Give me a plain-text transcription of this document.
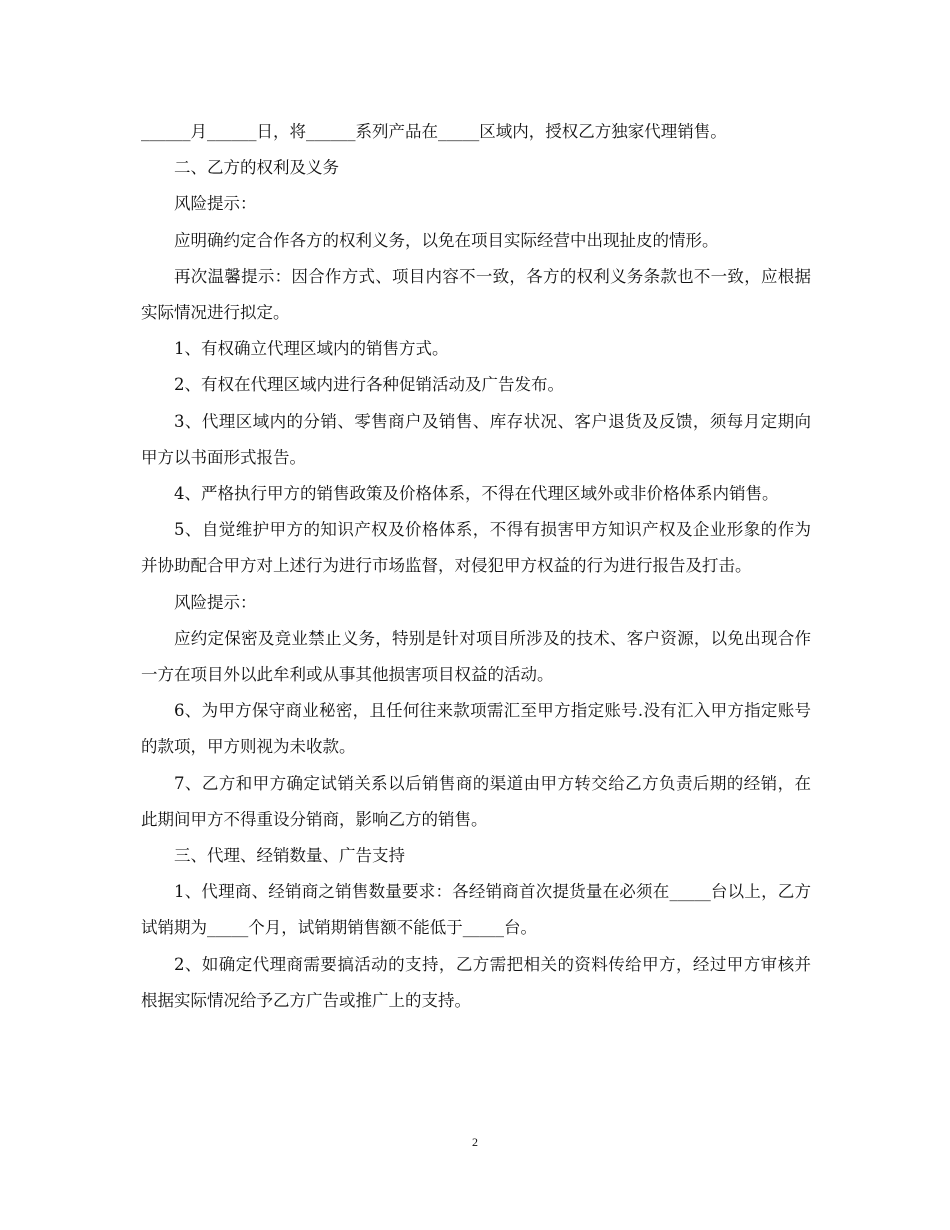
______月______日，将______系列产品在_____区域内，授权乙方独家代理销售。

二、乙方的权利及义务

风险提示：

应明确约定合作各方的权利义务，以免在项目实际经营中出现扯皮的情形。

再次温馨提示：因合作方式、项目内容不一致，各方的权利义务条款也不一致，应根据实际情况进行拟定。

1、有权确立代理区域内的销售方式。

2、有权在代理区域内进行各种促销活动及广告发布。

3、代理区域内的分销、零售商户及销售、库存状况、客户退货及反馈，须每月定期向甲方以书面形式报告。

4、严格执行甲方的销售政策及价格体系，不得在代理区域外或非价格体系内销售。

5、自觉维护甲方的知识产权及价格体系，不得有损害甲方知识产权及企业形象的作为并协助配合甲方对上述行为进行市场监督，对侵犯甲方权益的行为进行报告及打击。

风险提示：

应约定保密及竞业禁止义务，特别是针对项目所涉及的技术、客户资源，以免出现合作一方在项目外以此牟利或从事其他损害项目权益的活动。

6、为甲方保守商业秘密，且任何往来款项需汇至甲方指定账号.没有汇入甲方指定账号的款项，甲方则视为未收款。

7、乙方和甲方确定试销关系以后销售商的渠道由甲方转交给乙方负责后期的经销，在此期间甲方不得重设分销商，影响乙方的销售。

三、代理、经销数量、广告支持

1、代理商、经销商之销售数量要求：各经销商首次提货量在必须在_____台以上，乙方试销期为_____个月，试销期销售额不能低于_____台。

2、如确定代理商需要搞活动的支持，乙方需把相关的资料传给甲方，经过甲方审核并根据实际情况给予乙方广告或推广上的支持。

2
